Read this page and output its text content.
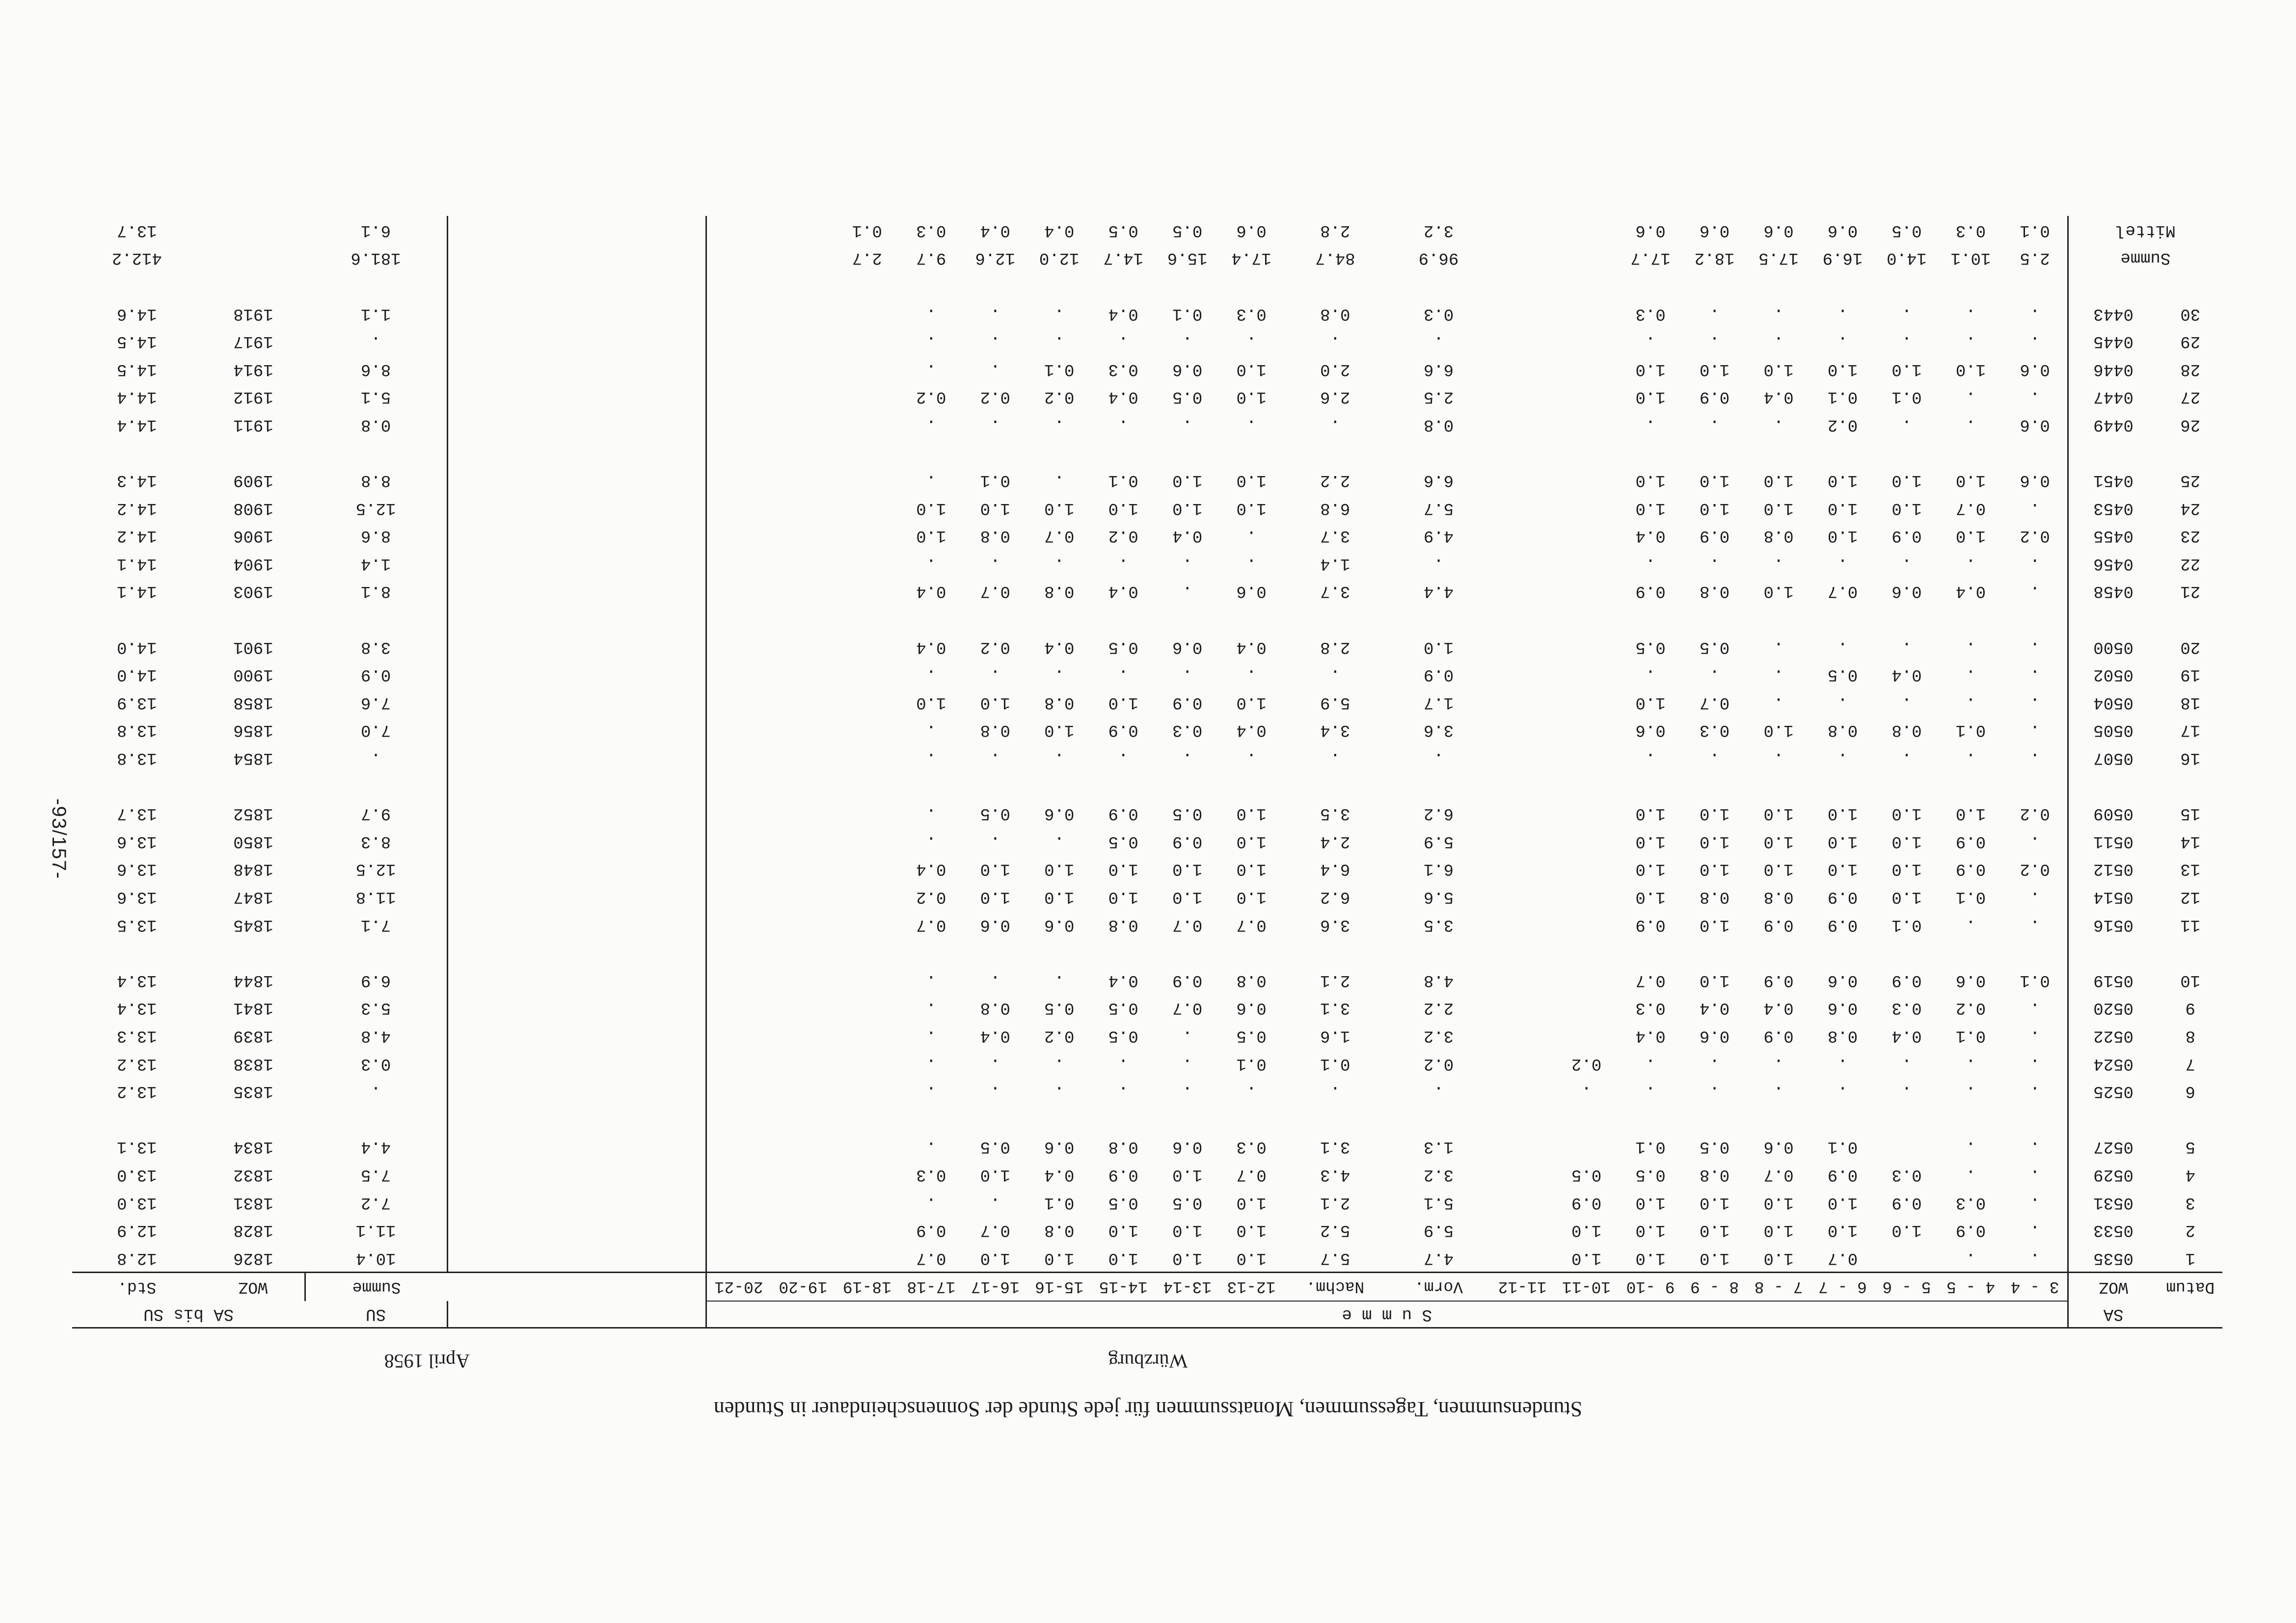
-93/157-
Stundensummen, Tagessummen, Monatssummen für jede Stunde der Sonnenscheindauer in Stunden
Würzburg
April 1958
	SA	S u m m e																					SU	SA bis SU	
Datum	WOZ	3 - 4	4 - 5	5 - 6	6 - 7	7 - 8	8 - 9	9 -10	10-11	11-12	Vorm.	Nachm.	12-13	13-14	14-15	15-16	16-17	17-18	18-19	19-20	20-21		Summe	WOZ	Std.
1	0535	.	.		0.7	1.0	1.0	1.0	1.0		4.7	5.7	1.0	1.0	1.0	1.0	1.0	0.7					10.4	1826	12.8
2	0533	.	0.9	1.0	1.0	1.0	1.0	1.0	1.0		5.9	5.2	1.0	1.0	1.0	0.8	0.7	0.9					11.1	1828	12.9
3	0531	.	0.3	0.9	1.0	1.0	1.0	1.0	0.9		5.1	2.1	1.0	0.5	0.5	0.1	.	.					7.2	1831	13.0
4	0529	.	.	0.3	0.9	0.7	0.8	0.5	0.5		3.2	4.3	0.7	1.0	0.9	0.4	1.0	0.3					7.5	1832	13.0
5	0527	.	.		0.1	0.6	0.5	0.1			1.3	3.1	0.3	0.6	0.8	0.6	0.5	.					4.4	1834	13.1

6	0525	.	.	.	.	.	.	.	.		.	.	.	.	.	.	.	.					.	1835	13.2
7	0524	.	.	.	.	.	.	.	0.2		0.2	0.1	0.1	.	.	.	.	.					0.3	1838	13.2
8	0522	.	0.1	0.4	0.8	0.9	0.6	0.4			3.2	1.6	0.5	.	0.5	0.2	0.4	.					4.8	1839	13.3
9	0520	.	0.2	0.3	0.6	0.4	0.4	0.3			2.2	3.1	0.6	0.7	0.5	0.5	0.8	.					5.3	1841	13.4
10	0519	0.1	0.6	0.9	0.6	0.9	1.0	0.7			4.8	2.1	0.8	0.9	0.4	.	.	.					6.9	1844	13.4

11	0516	.	.	0.1	0.9	0.9	1.0	0.9			3.5	3.6	0.7	0.7	0.8	0.6	0.6	0.7					7.1	1845	13.5
12	0514	.	0.1	1.0	0.9	0.8	0.8	1.0			5.6	6.2	1.0	1.0	1.0	1.0	1.0	0.2					11.8	1847	13.6
13	0512	0.2	0.9	1.0	1.0	1.0	1.0	1.0			6.1	6.4	1.0	1.0	1.0	1.0	1.0	0.4					12.5	1848	13.6
14	0511	.	0.9	1.0	1.0	1.0	1.0	1.0			5.9	2.4	1.0	0.9	0.5	.	.	.					8.3	1850	13.6
15	0509	0.2	1.0	1.0	1.0	1.0	1.0	1.0			6.2	3.5	1.0	0.5	0.9	0.6	0.5	.					9.7	1852	13.7

16	0507	.	.	.	.	.	.	.			.	.	.	.	.	.	.	.					.	1854	13.8
17	0505	.	0.1	0.8	0.8	1.0	0.3	0.6			3.6	3.4	0.4	0.3	0.9	1.0	0.8	.					7.0	1856	13.8
18	0504	.	.	.	.	.	0.7	1.0			1.7	5.9	1.0	0.9	1.0	0.8	1.0	1.0					7.6	1858	13.9
19	0502	.	.	0.4	0.5	.	.	.			0.9	.	.	.	.	.	.	.					0.9	1900	14.0
20	0500	.	.	.	.	.	0.5	0.5			1.0	2.8	0.4	0.6	0.5	0.4	0.2	0.4					3.8	1901	14.0

21	0458	.	0.4	0.6	0.7	1.0	0.8	0.9			4.4	3.7	0.6	.	0.4	0.8	0.7	0.4					8.1	1903	14.1
22	0456	.	.	.	.	.	.	.			.	1.4	.	.	.	.	.	.					1.4	1904	14.1
23	0455	0.2	1.0	0.9	1.0	0.8	0.9	0.4			4.9	3.7	.	0.4	0.2	0.7	0.8	1.0					8.6	1906	14.2
24	0453	.	0.7	1.0	1.0	1.0	1.0	1.0			5.7	6.8	1.0	1.0	1.0	1.0	1.0	1.0					12.5	1908	14.2
25	0451	0.6	1.0	1.0	1.0	1.0	1.0	1.0			6.6	2.2	1.0	1.0	0.1	.	0.1	.					8.8	1909	14.3

26	0449	0.6	.	.	0.2	.	.	.			0.8	.	.	.	.	.	.	.					0.8	1911	14.4
27	0447	.	.	0.1	0.1	0.4	0.9	1.0			2.5	2.6	1.0	0.5	0.4	0.2	0.2	0.2					5.1	1912	14.4
28	0446	0.6	1.0	1.0	1.0	1.0	1.0	1.0			6.6	2.0	1.0	0.6	0.3	0.1	.	.					8.6	1914	14.5
29	0445	.	.	.	.	.	.	.			.	.	.	.	.	.	.	.					.	1917	14.5
30	0443	.	.	.	.	.	.	0.3			0.3	0.8	0.3	0.1	0.4	.	.	.					1.1	1918	14.6

Summe		2.5	10.1	14.0	16.9	17.5	18.2	17.7			96.9	84.7	17.4	15.6	14.7	12.0	12.6	9.7	2.7				181.6		412.2
Mittel		0.1	0.3	0.5	0.6	0.6	0.6	0.6			3.2	2.8	0.6	0.5	0.5	0.4	0.4	0.3	0.1				6.1		13.7
